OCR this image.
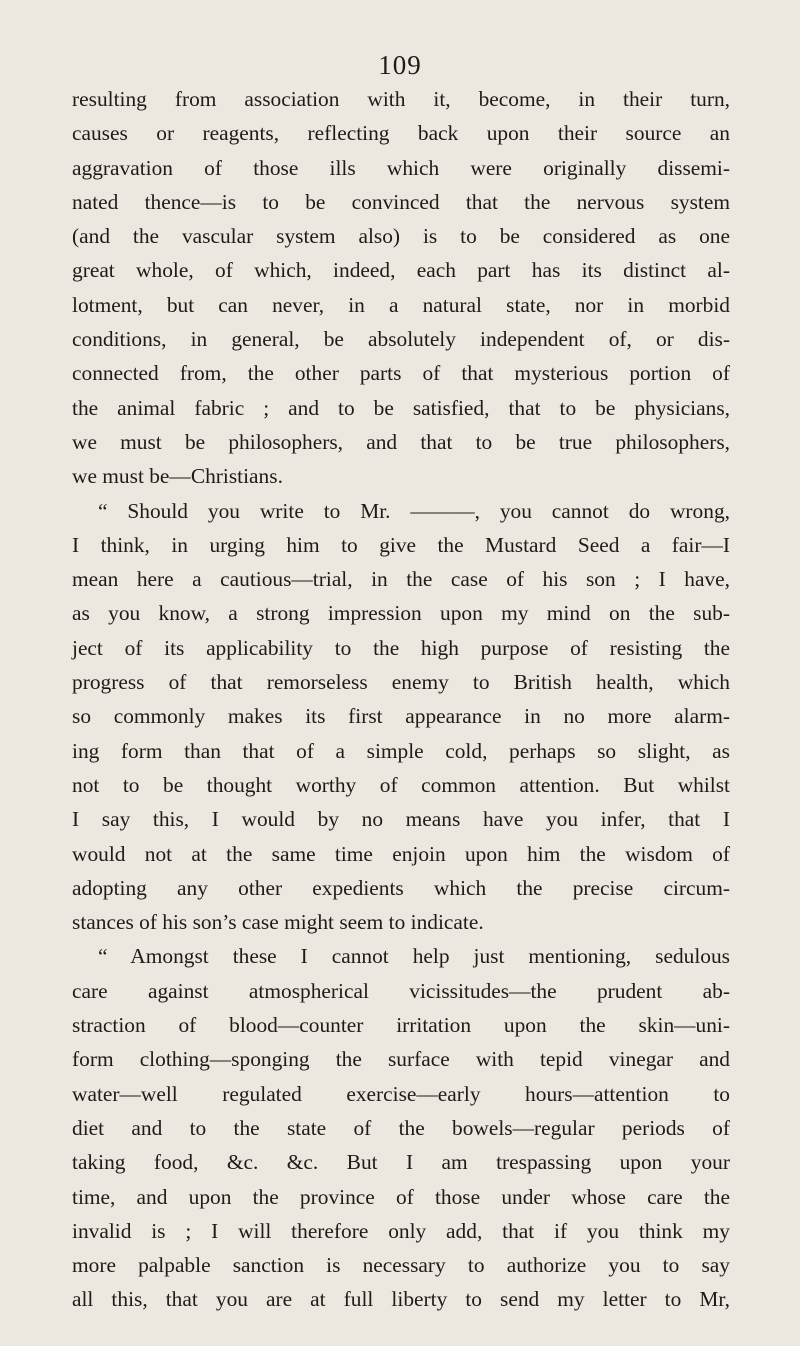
109
resulting from association with it, become, in their turn,
causes or reagents, reflecting back upon their source an
aggravation of those ills which were originally dissemi-
nated thence—is to be convinced that the nervous system
(and the vascular system also) is to be considered as one
great whole, of which, indeed, each part has its distinct al-
lotment, but can never, in a natural state, nor in morbid
conditions, in general, be absolutely independent of, or dis-
connected from, the other parts of that mysterious portion of
the animal fabric ; and to be satisfied, that to be physicians,
we must be philosophers, and that to be true philosophers,
we must be—Christians.
“ Should you write to Mr. ———, you cannot do wrong,
I think, in urging him to give the Mustard Seed a fair—I
mean here a cautious—trial, in the case of his son ; I have,
as you know, a strong impression upon my mind on the sub-
ject of its applicability to the high purpose of resisting the
progress of that remorseless enemy to British health, which
so commonly makes its first appearance in no more alarm-
ing form than that of a simple cold, perhaps so slight, as
not to be thought worthy of common attention. But whilst
I say this, I would by no means have you infer, that I
would not at the same time enjoin upon him the wisdom of
adopting any other expedients which the precise circum-
stances of his son’s case might seem to indicate.
“ Amongst these I cannot help just mentioning, sedulous
care against atmospherical vicissitudes—the prudent ab-
straction of blood—counter irritation upon the skin—uni-
form clothing—sponging the surface with tepid vinegar and
water—well regulated exercise—early hours—attention to
diet and to the state of the bowels—regular periods of
taking food, &c. &c. But I am trespassing upon your
time, and upon the province of those under whose care the
invalid is ; I will therefore only add, that if you think my
more palpable sanction is necessary to authorize you to say
all this, that you are at full liberty to send my letter to Mr,
